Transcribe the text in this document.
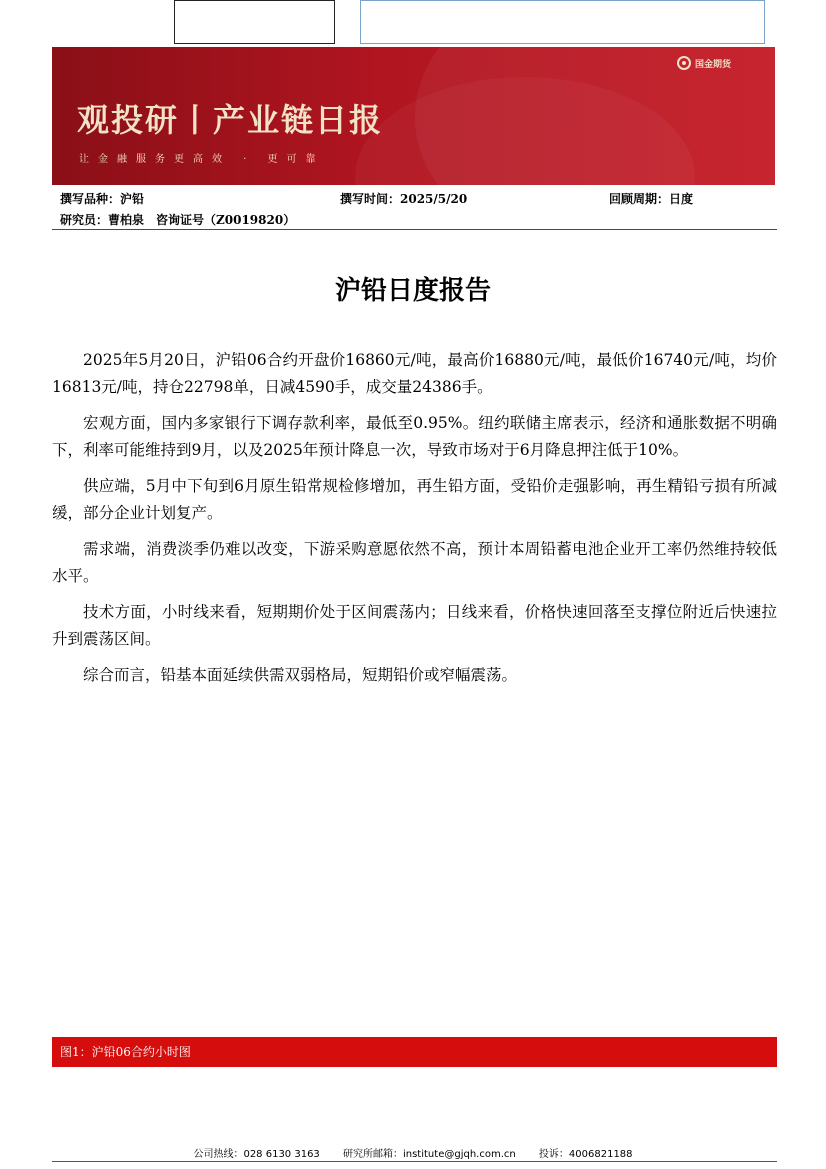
国金期货
观投研丨产业链日报
让金融服务更高效 · 更可靠
撰写品种：沪铅	撰写时间：2025/5/20	回顾周期：日度
研究员：曹柏泉　咨询证号（Z0019820）
沪铅日度报告

2025年5月20日，沪铅06合约开盘价16860元/吨，最高价16880元/吨，最低价16740元/吨，均价16813元/吨，持仓22798单，日减4590手，成交量24386手。

宏观方面，国内多家银行下调存款利率，最低至0.95%。纽约联储主席表示，经济和通胀数据不明确下，利率可能维持到9月，以及2025年预计降息一次，导致市场对于6月降息押注低于10%。

供应端，5月中下旬到6月原生铅常规检修增加，再生铅方面，受铅价走强影响，再生精铅亏损有所减缓，部分企业计划复产。

需求端，消费淡季仍难以改变，下游采购意愿依然不高，预计本周铅蓄电池企业开工率仍然维持较低水平。

技术方面，小时线来看，短期期价处于区间震荡内；日线来看，价格快速回落至支撑位附近后快速拉升到震荡区间。

综合而言，铅基本面延续供需双弱格局，短期铅价或窄幅震荡。

图1：沪铅06合约小时图
公司热线：028 6130 3163 研究所邮箱：institute@gjqh.com.cn 投诉：4006821188
